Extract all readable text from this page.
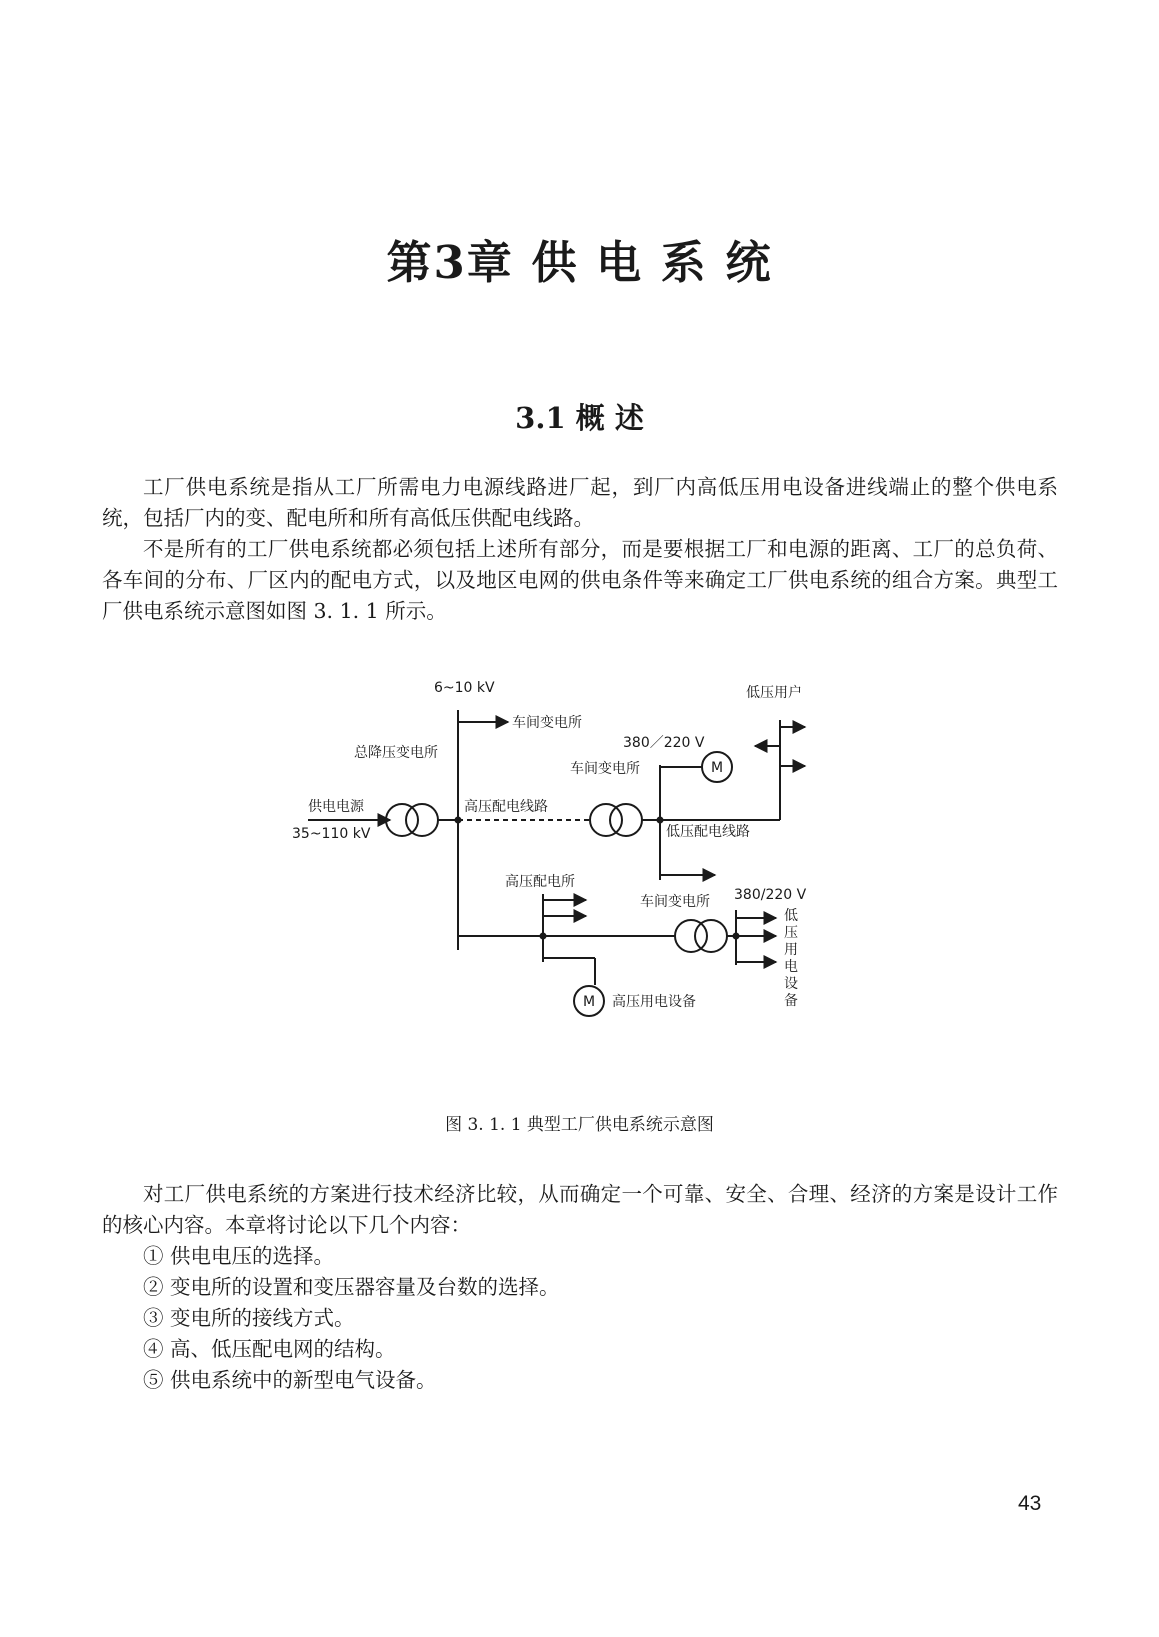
第3章 供 电 系 统
3.1 概 述

工厂供电系统是指从工厂所需电力电源线路进厂起，到厂内高低压用电设备进线端止的整个供电系统，包括厂内的变、配电所和所有高低压供配电线路。

不是所有的工厂供电系统都必须包括上述所有部分，而是要根据工厂和电源的距离、工厂的总负荷、各车间的分布、厂区内的配电方式，以及地区电网的供电条件等来确定工厂供电系统的组合方案。典型工厂供电系统示意图如图 3. 1. 1 所示。

车间变电所
总降压变电所
供电电源
35~110 kV
高压配电线路
车间变电所
380／220 V
低压用户
低压配电线路
高压配电所
车间变电所 380/220 V
低
压
用
电
设
备
高压用电设备
M
M
6~10 kV
图 3. 1. 1 典型工厂供电系统示意图

对工厂供电系统的方案进行技术经济比较，从而确定一个可靠、安全、合理、经济的方案是设计工作的核心内容。本章将讨论以下几个内容：

① 供电电压的选择。

② 变电所的设置和变压器容量及台数的选择。

③ 变电所的接线方式。

④ 高、低压配电网的结构。

⑤ 供电系统中的新型电气设备。

43
